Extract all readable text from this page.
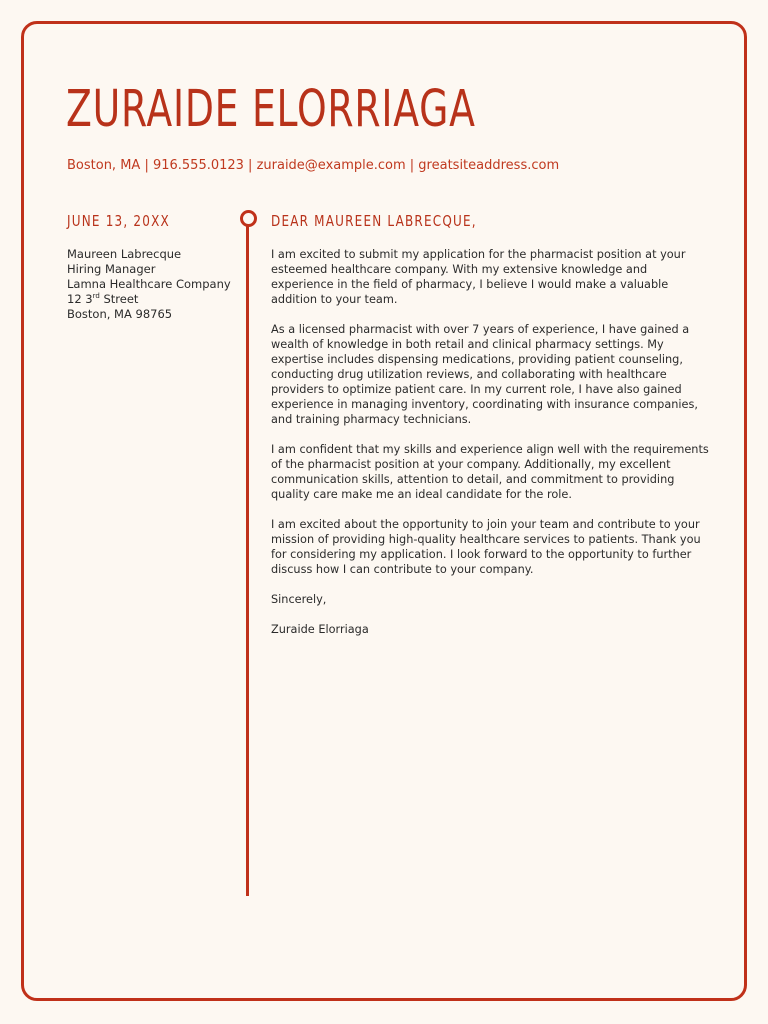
ZURAIDE ELORRIAGA
Boston, MA | 916.555.0123 | zuraide@example.com | greatsiteaddress.com
JUNE 13, 20XX
Maureen Labrecque
Hiring Manager
Lamna Healthcare Company
12 3rd Street
Boston, MA 98765
DEAR MAUREEN LABRECQUE,

I am excited to submit my application for the pharmacist position at your esteemed healthcare company. With my extensive knowledge and experience in the field of pharmacy, I believe I would make a valuable addition to your team.

As a licensed pharmacist with over 7 years of experience, I have gained a wealth of knowledge in both retail and clinical pharmacy settings. My expertise includes dispensing medications, providing patient counseling, conducting drug utilization reviews, and collaborating with healthcare providers to optimize patient care. In my current role, I have also gained experience in managing inventory, coordinating with insurance companies, and training pharmacy technicians.

I am confident that my skills and experience align well with the requirements of the pharmacist position at your company. Additionally, my excellent communication skills, attention to detail, and commitment to providing quality care make me an ideal candidate for the role.

I am excited about the opportunity to join your team and contribute to your mission of providing high-quality healthcare services to patients. Thank you for considering my application. I look forward to the opportunity to further discuss how I can contribute to your company.

Sincerely,

Zuraide Elorriaga
